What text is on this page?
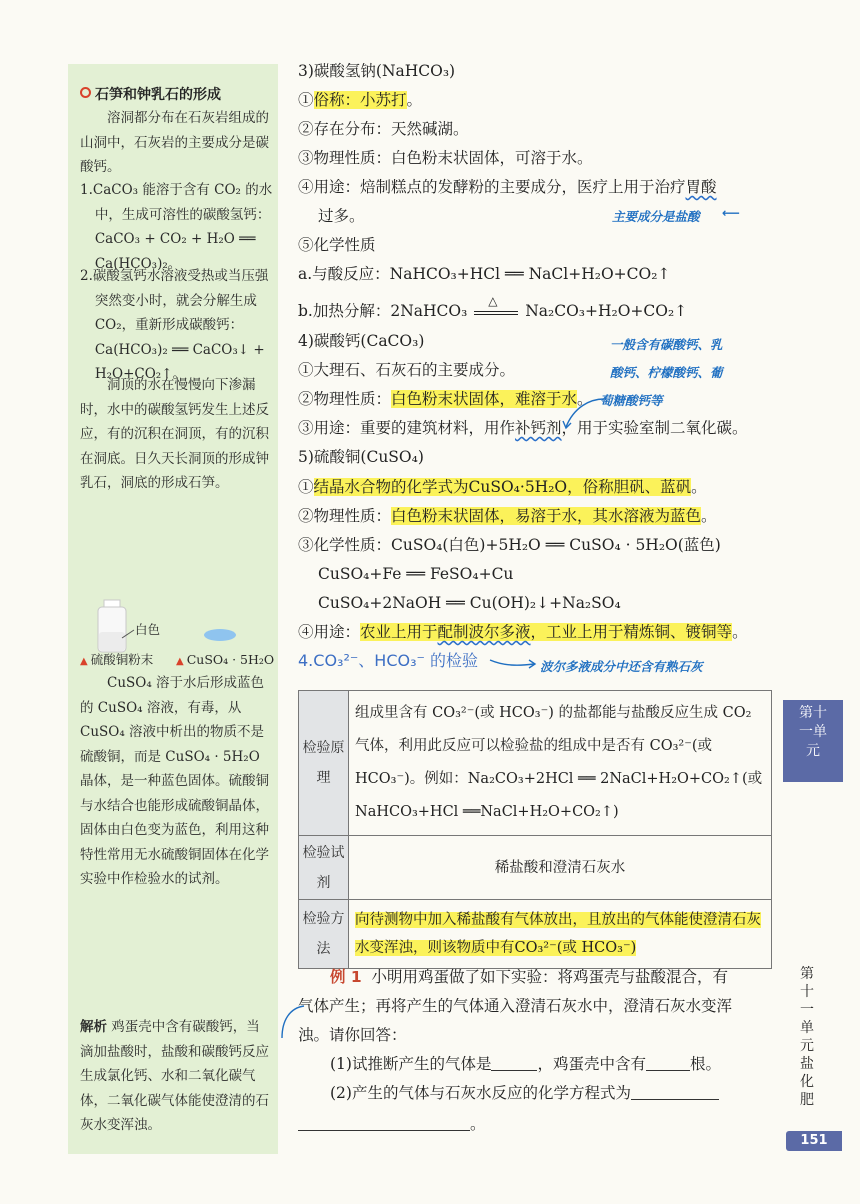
石笋和钟乳石的形成

溶洞都分布在石灰岩组成的山洞中，石灰岩的主要成分是碳酸钙。

1.CaCO₃ 能溶于含有 CO₂ 的水中，生成可溶性的碳酸氢钙：CaCO₃ + CO₂ + H₂O ══ Ca(HCO₃)₂。

2.碳酸氢钙水溶液受热或当压强突然变小时，就会分解生成 CO₂，重新形成碳酸钙：Ca(HCO₃)₂ ══ CaCO₃↓ + H₂O+CO₂↑。

洞顶的水在慢慢向下渗漏时，水中的碳酸氢钙发生上述反应，有的沉积在洞顶，有的沉积在洞底。日久天长洞顶的形成钟乳石，洞底的形成石笋。

白色
▲ 硫酸铜粉末 ▲ CuSO₄ · 5H₂O

CuSO₄ 溶于水后形成蓝色的 CuSO₄ 溶液，有毒，从 CuSO₄ 溶液中析出的物质不是硫酸铜，而是 CuSO₄ · 5H₂O 晶体，是一种蓝色固体。硫酸铜与水结合也能形成硫酸铜晶体，固体由白色变为蓝色，利用这种特性常用无水硫酸铜固体在化学实验中作检验水的试剂。

解析 鸡蛋壳中含有碳酸钙，当滴加盐酸时，盐酸和碳酸钙反应生成氯化钙、水和二氧化碳气体，二氧化碳气体能使澄清的石灰水变浑浊。

3)碳酸氢钠(NaHCO₃)
①俗称：小苏打。
②存在分布：天然碱湖。
③物理性质：白色粉末状固体，可溶于水。
④用途：焙制糕点的发酵粉的主要成分，医疗上用于治疗胃酸
过多。
⑤化学性质
a.与酸反应：NaHCO₃+HCl ══ NaCl+H₂O+CO₂↑
b.加热分解：2NaHCO₃
△
Na₂CO₃+H₂O+CO₂↑
4)碳酸钙(CaCO₃)
①大理石、石灰石的主要成分。
②物理性质：白色粉末状固体，难溶于水。
③用途：重要的建筑材料，用作补钙剂，用于实验室制二氧化碳。
5)硫酸铜(CuSO₄)
①结晶水合物的化学式为CuSO₄·5H₂O，俗称胆矾、蓝矾。
②物理性质：白色粉末状固体，易溶于水，其水溶液为蓝色。
③化学性质：CuSO₄(白色)+5H₂O ══ CuSO₄ · 5H₂O(蓝色)
CuSO₄+Fe ══ FeSO₄+Cu
CuSO₄+2NaOH ══ Cu(OH)₂↓+Na₂SO₄
④用途：农业上用于配制波尔多液，工业上用于精炼铜、镀铜等。
4.CO₃²⁻、HCO₃⁻ 的检验
主要成分是盐酸 ⟵
一般含有碳酸钙、乳
酸钙、柠檬酸钙、葡
萄糖酸钙等
波尔多液成分中还含有熟石灰
检验原理	组成里含有 CO₃²⁻(或 HCO₃⁻) 的盐都能与盐酸反应生成 CO₂ 气体，利用此反应可以检验盐的组成中是否有 CO₃²⁻(或 HCO₃⁻)。例如：Na₂CO₃+2HCl ══ 2NaCl+H₂O+CO₂↑(或 NaHCO₃+HCl ══NaCl+H₂O+CO₂↑)
检验试剂	稀盐酸和澄清石灰水
检验方法	向待测物中加入稀盐酸有气体放出，且放出的气体能使澄清石灰水变浑浊，则该物质中有CO₃²⁻(或 HCO₃⁻)
例 1 小明用鸡蛋做了如下实验：将鸡蛋壳与盐酸混合，有
气体产生；再将产生的气体通入澄清石灰水中，澄清石灰水变浑
浊。请你回答：
(1)试推断产生的气体是	，鸡蛋壳中含有	根。
(2)产生的气体与石灰水反应的化学方程式为
。
第十一单元
第十一单元 盐 化肥
151
